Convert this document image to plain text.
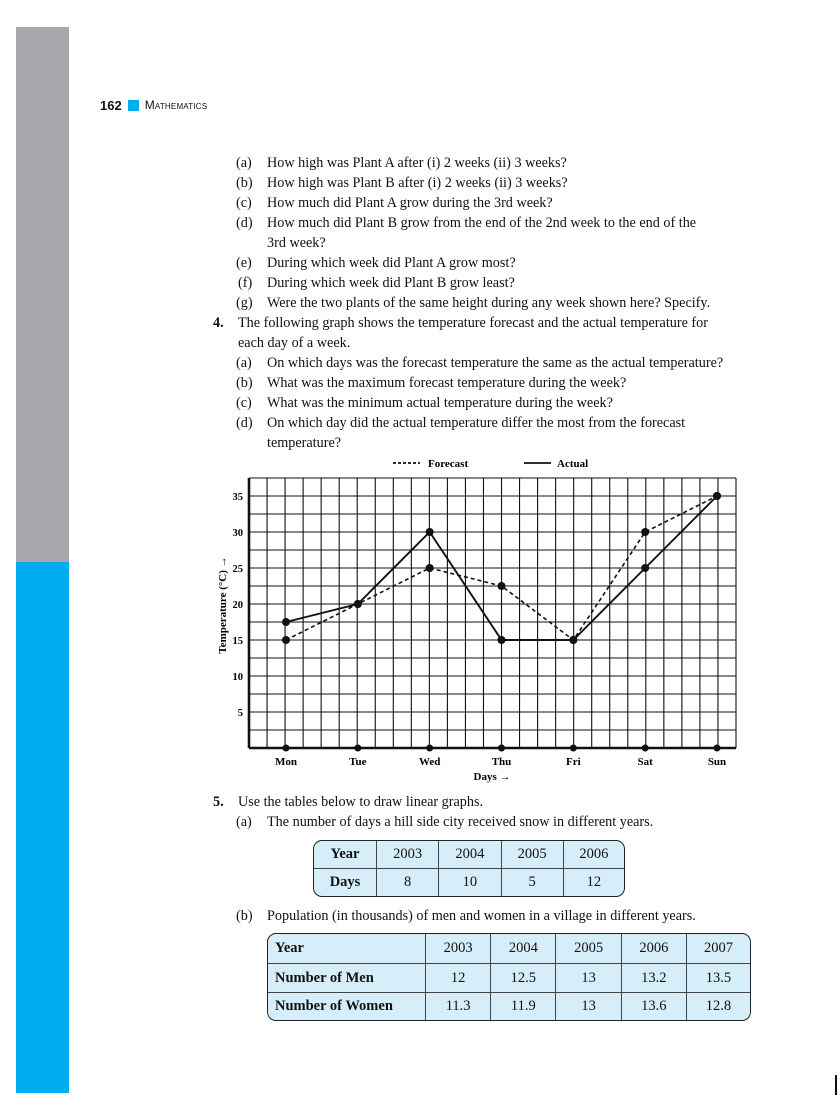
162 Mathematics
(a) How high was Plant A after (i) 2 weeks (ii) 3 weeks?
(b) How high was Plant B after (i) 2 weeks (ii) 3 weeks?
(c) How much did Plant A grow during the 3rd week?
(d) How much did Plant B grow from the end of the 2nd week to the end of the
3rd week?
(e) During which week did Plant A grow most?
(f) During which week did Plant B grow least?
(g) Were the two plants of the same height during any week shown here? Specify.
4. The following graph shows the temperature forecast and the actual temperature for
each day of a week.
(a) On which days was the forecast temperature the same as the actual temperature?
(b) What was the maximum forecast temperature during the week?
(c) What was the minimum actual temperature during the week?
(d) On which day did the actual temperature differ the most from the forecast
temperature?
5
10
15
20
25
30
35
Mon	Tue	Wed	Thu	Fri	Sat	Sun
Days →
Temperature (°C) →
Forecast	Actual
5. Use the tables below to draw linear graphs.
(a) The number of days a hill side city received snow in different years.
Year	2003	2004	2005	2006
Days	8	10	5	12
(b) Population (in thousands) of men and women in a village in different years.
Year	2003	2004	2005	2006	2007
Number of Men	12	12.5	13	13.2	13.5
Number of Women	11.3	11.9	13	13.6	12.8
